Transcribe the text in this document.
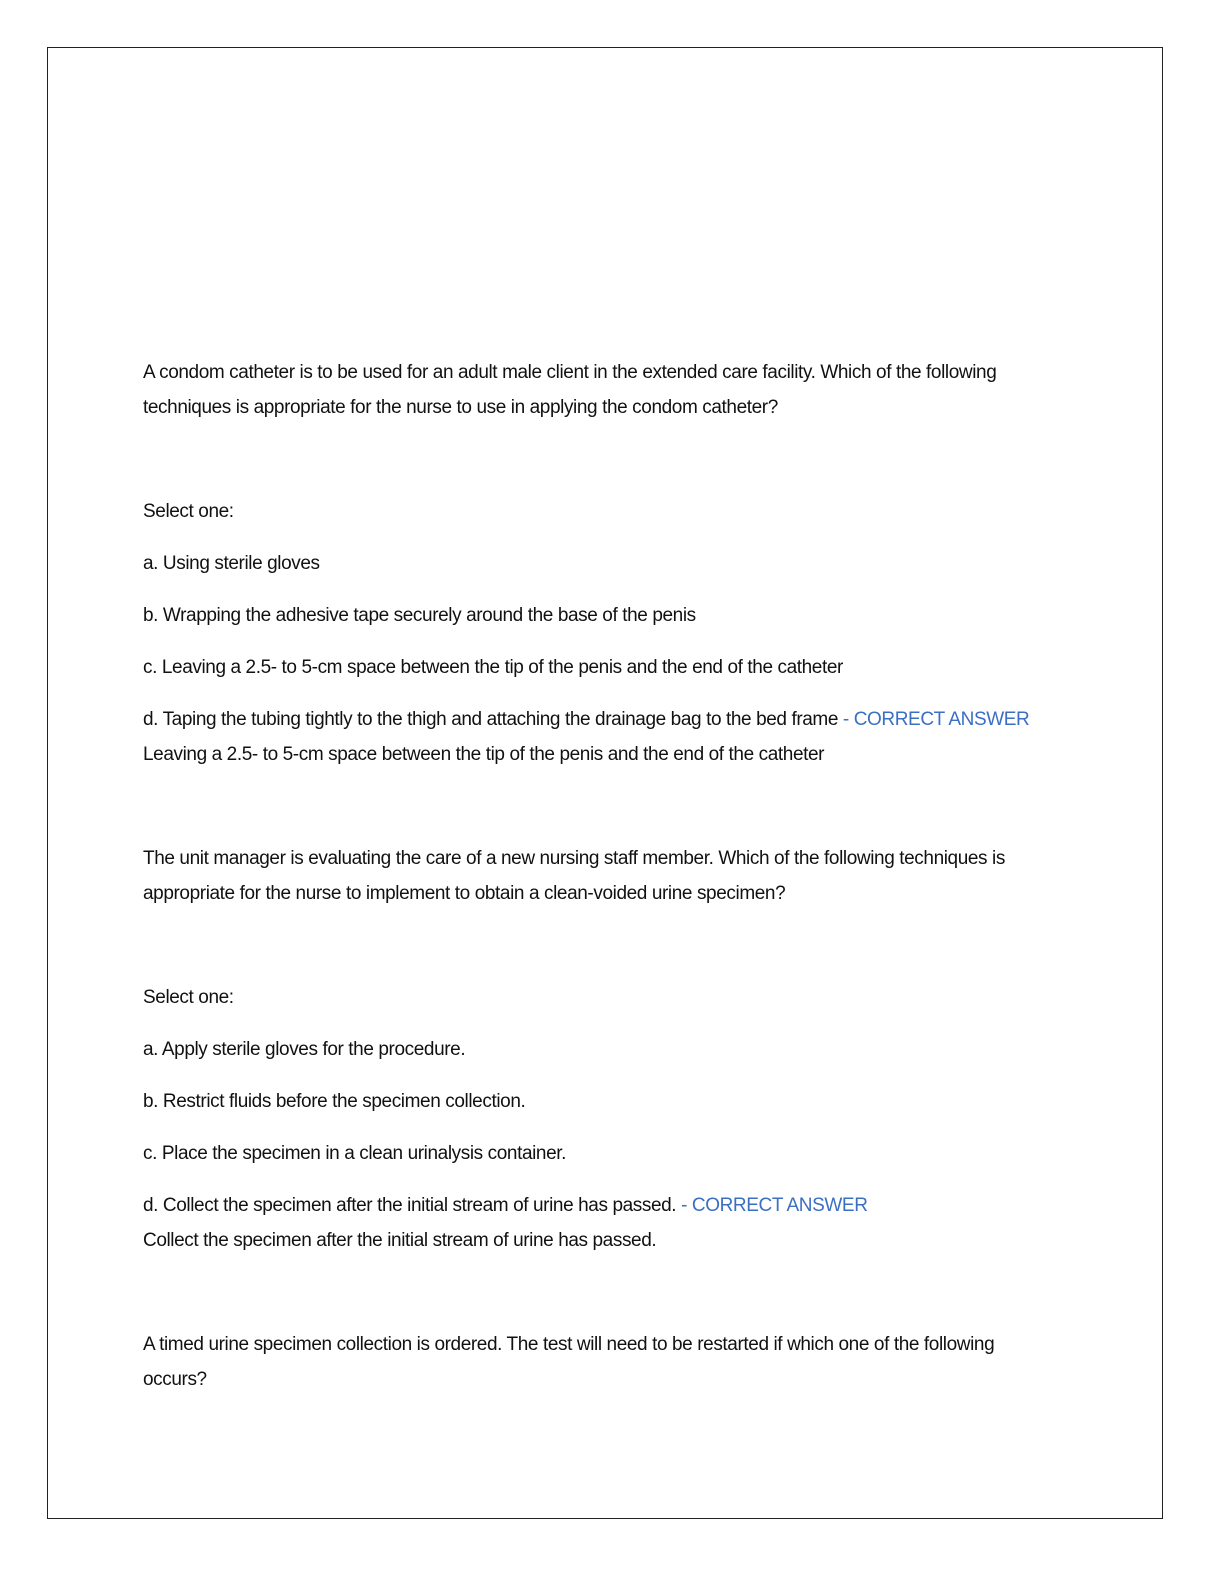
A condom catheter is to be used for an adult male client in the extended care facility. Which of the following techniques is appropriate for the nurse to use in applying the condom catheter?

Select one:

a. Using sterile gloves

b. Wrapping the adhesive tape securely around the base of the penis

c. Leaving a 2.5- to 5-cm space between the tip of the penis and the end of the catheter

d. Taping the tubing tightly to the thigh and attaching the drainage bag to the bed frame - CORRECT ANSWER Leaving a 2.5- to 5-cm space between the tip of the penis and the end of the catheter

The unit manager is evaluating the care of a new nursing staff member. Which of the following techniques is appropriate for the nurse to implement to obtain a clean-voided urine specimen?

Select one:

a. Apply sterile gloves for the procedure.

b. Restrict fluids before the specimen collection.

c. Place the specimen in a clean urinalysis container.

d. Collect the specimen after the initial stream of urine has passed. - CORRECT ANSWER
Collect the specimen after the initial stream of urine has passed.

A timed urine specimen collection is ordered. The test will need to be restarted if which one of the following occurs?
